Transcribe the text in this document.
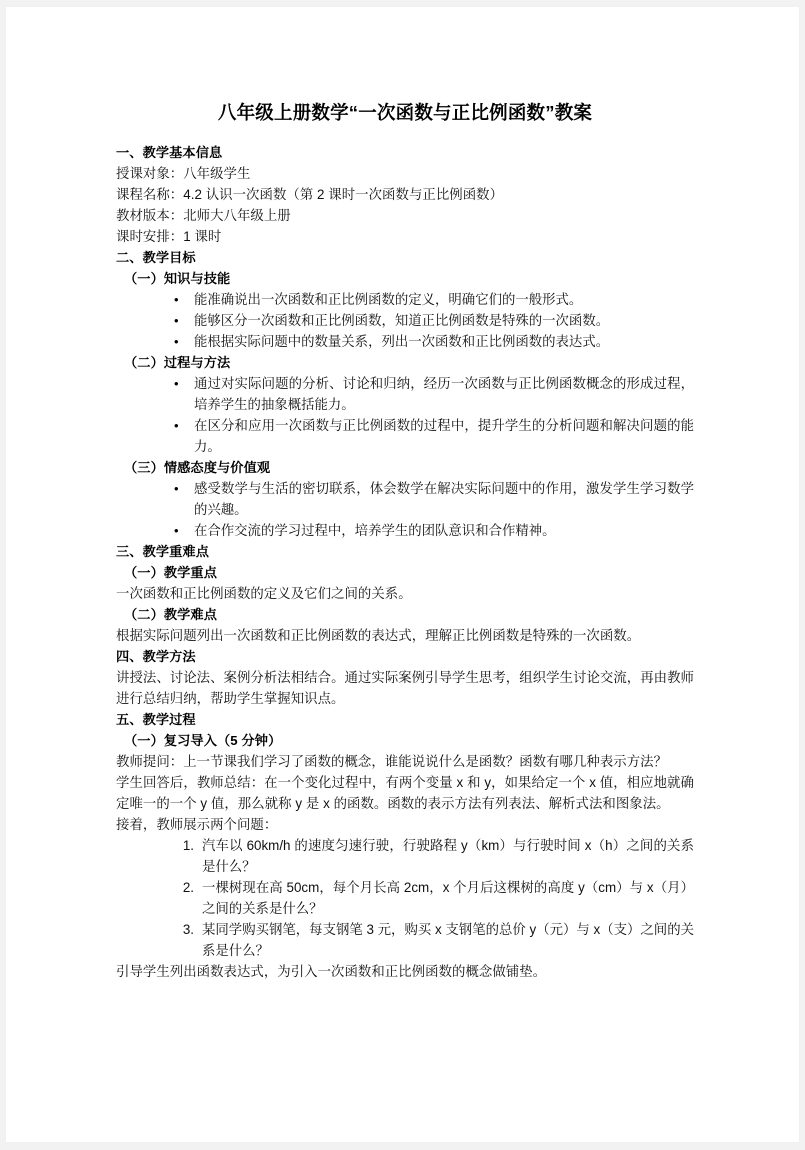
八年级上册数学“一次函数与正比例函数”教案

一、教学基本信息

授课对象：八年级学生

课程名称：4.2 认识一次函数（第 2 课时一次函数与正比例函数）

教材版本：北师大八年级上册

课时安排：1 课时

二、教学目标

（一）知识与技能

• 能准确说出一次函数和正比例函数的定义，明确它们的一般形式。
• 能够区分一次函数和正比例函数，知道正比例函数是特殊的一次函数。
• 能根据实际问题中的数量关系，列出一次函数和正比例函数的表达式。

（二）过程与方法

• 通过对实际问题的分析、讨论和归纳，经历一次函数与正比例函数概念的形成过程，培养学生的抽象概括能力。
• 在区分和应用一次函数与正比例函数的过程中，提升学生的分析问题和解决问题的能力。

（三）情感态度与价值观

• 感受数学与生活的密切联系，体会数学在解决实际问题中的作用，激发学生学习数学的兴趣。
• 在合作交流的学习过程中，培养学生的团队意识和合作精神。

三、教学重难点

（一）教学重点

一次函数和正比例函数的定义及它们之间的关系。

（二）教学难点

根据实际问题列出一次函数和正比例函数的表达式，理解正比例函数是特殊的一次函数。

四、教学方法

讲授法、讨论法、案例分析法相结合。通过实际案例引导学生思考，组织学生讨论交流，再由教师进行总结归纳，帮助学生掌握知识点。

五、教学过程

（一）复习导入（5 分钟）

教师提问：上一节课我们学习了函数的概念，谁能说说什么是函数？函数有哪几种表示方法？

学生回答后，教师总结：在一个变化过程中，有两个变量 x 和 y，如果给定一个 x 值，相应地就确定唯一的一个 y 值，那么就称 y 是 x 的函数。函数的表示方法有列表法、解析式法和图象法。

接着，教师展示两个问题：

汽车以 60km/h 的速度匀速行驶，行驶路程 y（km）与行驶时间 x（h）之间的关系是什么？
一棵树现在高 50cm，每个月长高 2cm，x 个月后这棵树的高度 y（cm）与 x（月）之间的关系是什么？
某同学购买钢笔，每支钢笔 3 元，购买 x 支钢笔的总价 y（元）与 x（支）之间的关系是什么？

引导学生列出函数表达式，为引入一次函数和正比例函数的概念做铺垫。
